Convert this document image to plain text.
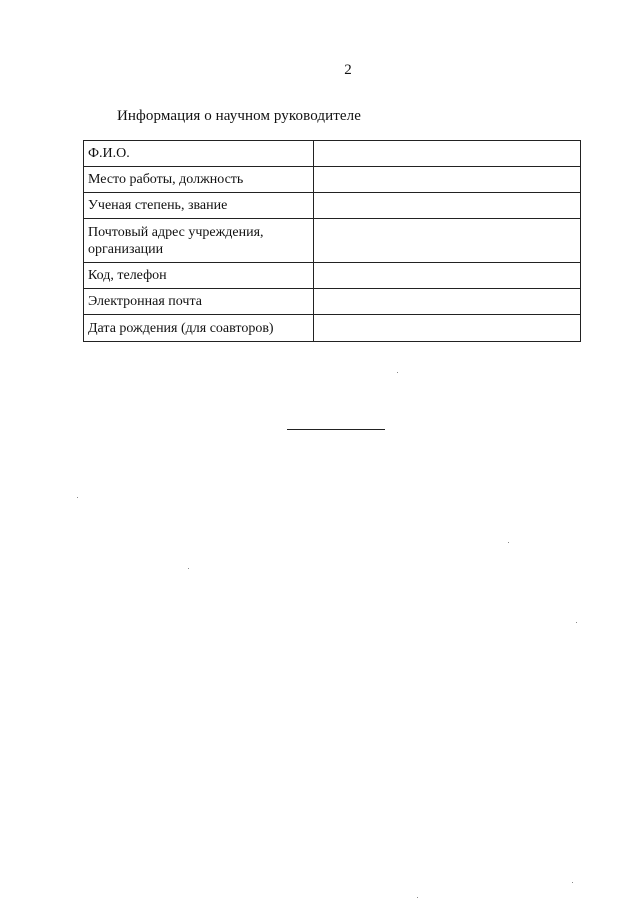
2
Информация о научном руководителе
Ф.И.О.	
Место работы, должность	
Ученая степень, звание	
Почтовый адрес учреждения, организации	
Код, телефон	
Электронная почта	
Дата рождения (для соавторов)	
